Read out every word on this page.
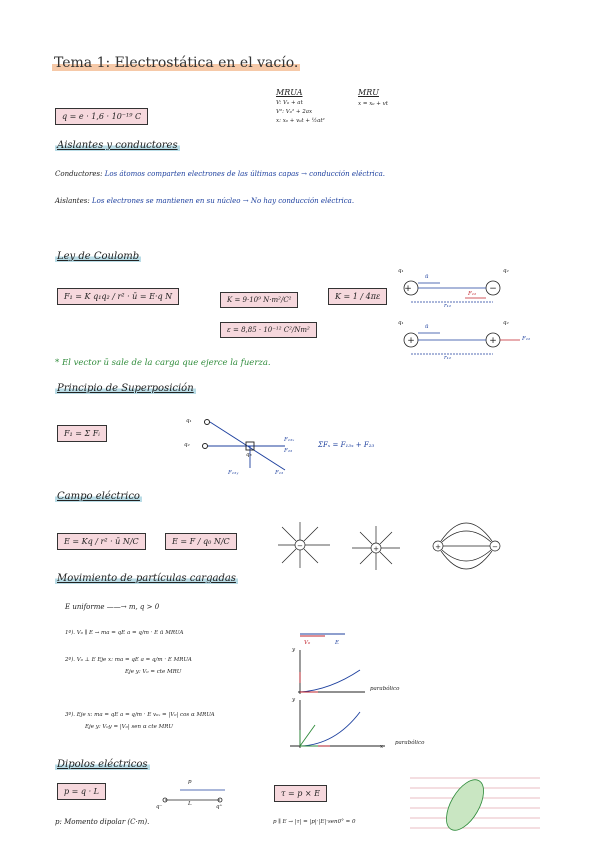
Tema 1: Electrostática en el vacío.
q = e · 1,6 · 10⁻¹⁹ C
MRUA
V: V₀ + at
V²: V₀² + 2ax
x: x₀ + v₀t + ½at²
MRU
x = x₀ + vt
Aislantes y conductores
Conductores: Los átomos comparten electrones de las últimas capas → conducción eléctrica.
Aislantes: Los electrones se mantienen en su núcleo → No hay conducción eléctrica.
Ley de Coulomb
F₁ = K q₁q₂ / r² · ū = E·q N	K = 9·10⁹ N·m²/C²	K = 1 / 4πε
ε = 8,85 · 10⁻¹² C²/Nm²
* El vector ū sale de la carga que ejerce la fuerza.
+	−
+	+
q₁	q₂
ū
F₁₂
r₁₂
q₁	q₂
ū
F₁₂
r₁₂
Principio de Superposición
F₁ = Σ Fᵢ
q₁
q₂
q₃
F₁₃ₓ
F₂₃
F₁₃ᵧ	F₁₃
ΣFₓ = F₁₃ₓ + F₂₃
Campo eléctrico
E = Kq / r² · ū N/C	E = F / q₀ N/C	−	+	+	−
Movimiento de partículas cargadas
E uniforme ——→ m, q > 0
1º). V₀ ∥ E → ma = qE a = q/m · E ū MRUA
2º). V₀ ⊥ E Eje x: ma = qE a = q/m · E MRUA
Eje y: V₀ = cte MRU
3º). Eje x: ma = qE a = q/m · E v₀ₓ = |V₀| cos α MRUA
Eje y: V₀y = |V₀| sen α cte MRU
V₀	E
y
parabólico
y
x
parabólico
Dipolos eléctricos
p = q · L	τ = p × E
p
L
q⁻	q⁺
p: Momento dipolar (C·m).	p ∥ E → |τ| = |p|·|E|·sen0° = 0
